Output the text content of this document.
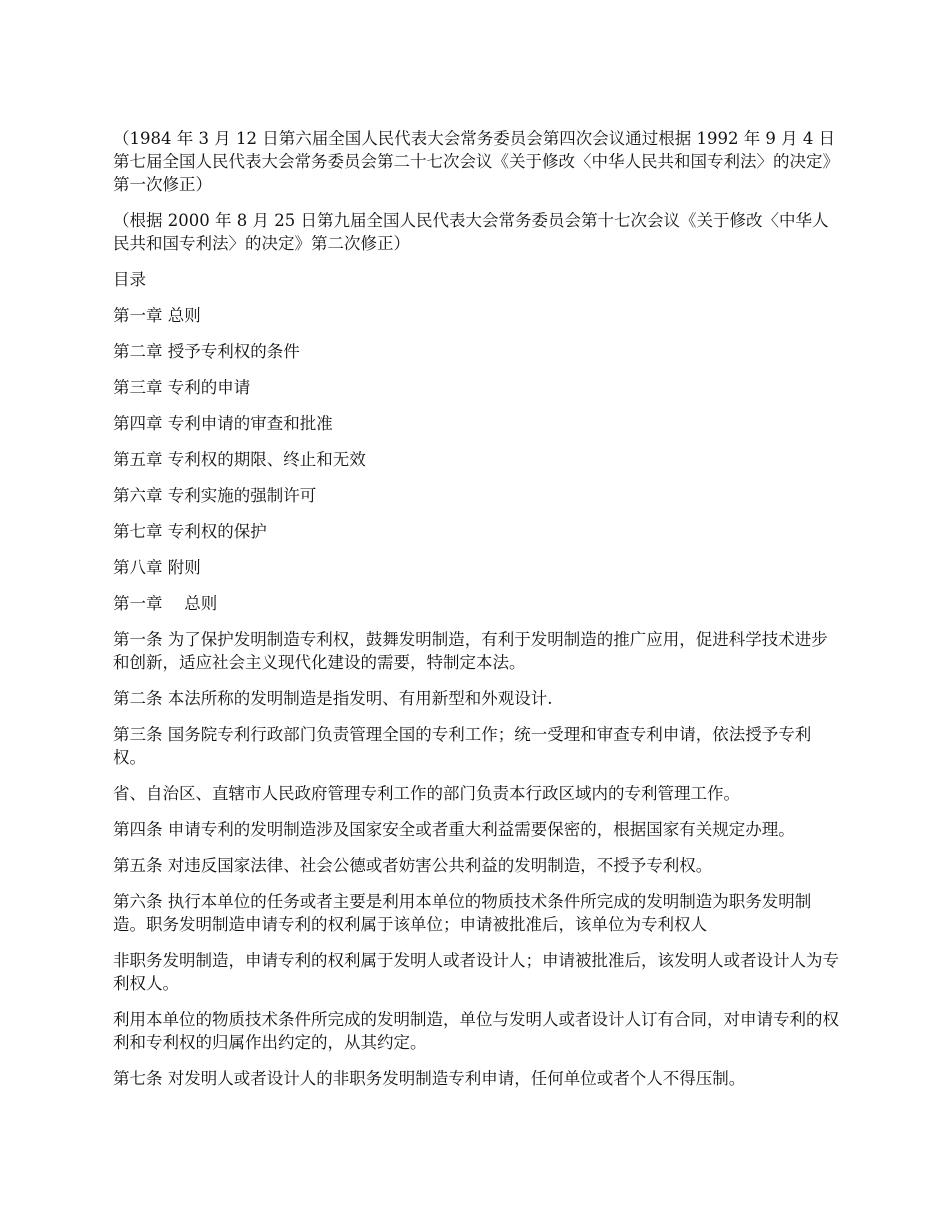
（1984 年 3 月 12 日第六届全国人民代表大会常务委员会第四次会议通过根据 1992 年 9 月 4 日第七届全国人民代表大会常务委员会第二十七次会议《关于修改〈中华人民共和国专利法〉的决定》第一次修正）

（根据 2000 年 8 月 25 日第九届全国人民代表大会常务委员会第十七次会议《关于修改〈中华人民共和国专利法〉的决定》第二次修正）

目录

第一章 总则

第二章 授予专利权的条件

第三章 专利的申请

第四章 专利申请的审查和批准

第五章 专利权的期限、终止和无效

第六章 专利实施的强制许可

第七章 专利权的保护

第八章 附则

第一章　 总则

第一条 为了保护发明制造专利权，鼓舞发明制造，有利于发明制造的推广应用，促进科学技术进步和创新，适应社会主义现代化建设的需要，特制定本法。

第二条 本法所称的发明制造是指发明、有用新型和外观设计.

第三条 国务院专利行政部门负责管理全国的专利工作；统一受理和审查专利申请，依法授予专利权。

省、自治区、直辖市人民政府管理专利工作的部门负责本行政区域内的专利管理工作。

第四条 申请专利的发明制造涉及国家安全或者重大利益需要保密的，根据国家有关规定办理。

第五条 对违反国家法律、社会公德或者妨害公共利益的发明制造，不授予专利权。

第六条 执行本单位的任务或者主要是利用本单位的物质技术条件所完成的发明制造为职务发明制造。职务发明制造申请专利的权利属于该单位；申请被批准后，该单位为专利权人

非职务发明制造，申请专利的权利属于发明人或者设计人；申请被批准后，该发明人或者设计人为专利权人。

利用本单位的物质技术条件所完成的发明制造，单位与发明人或者设计人订有合同，对申请专利的权利和专利权的归属作出约定的，从其约定。

第七条 对发明人或者设计人的非职务发明制造专利申请，任何单位或者个人不得压制。
